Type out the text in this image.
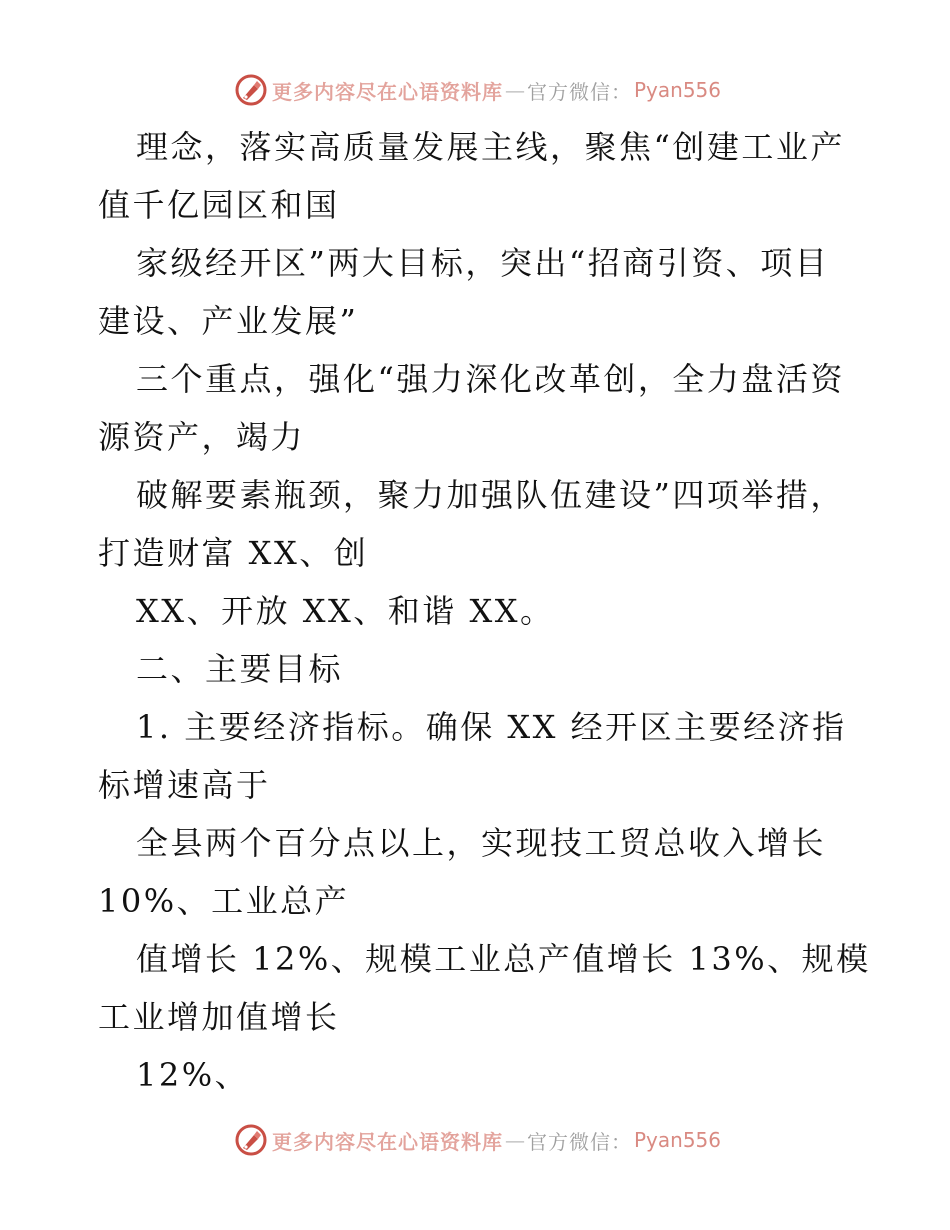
更多内容尽在心语资料库 — 官方微信： Pyan556
理念，落实高质量发展主线，聚焦“创建工业产
值千亿园区和国
家级经开区”两大目标，突出“招商引资、项目
建设、产业发展”
三个重点，强化“强力深化改革创，全力盘活资
源资产，竭力
破解要素瓶颈，聚力加强队伍建设”四项举措，
打造财富 XX、创
XX、开放 XX、和谐 XX。
二、主要目标
1. 主要经济指标。确保 XX 经开区主要经济指
标增速高于
全县两个百分点以上，实现技工贸总收入增长
10%、工业总产
值增长 12%、规模工业总产值增长 13%、规模
工业增加值增长
12%、
更多内容尽在心语资料库 — 官方微信： Pyan556
